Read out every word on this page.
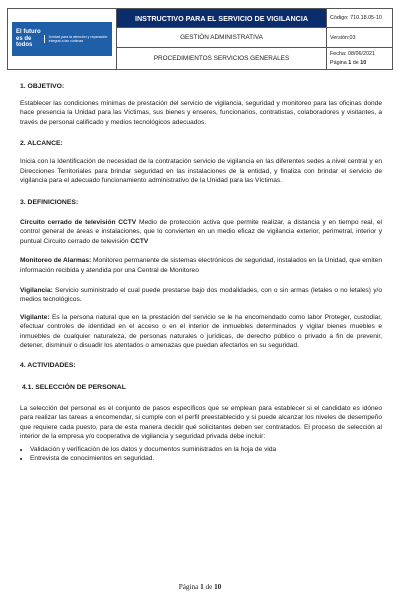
El futuro es de todos
Unidad para la atención y reparación integral a las víctimas	INSTRUCTIVO PARA EL SERVICIO DE VIGILANCIA	Código: 710.18.05-10
	GESTIÓN ADMINISTRATIVA	Versión:03
	PROCEDIMIENTOS SERVICIOS GENERALES	Fecha: 08/06/2021
Página 1 de 10

1. OBJETIVO:

Establecer las condiciones mínimas de prestación del servicio de vigilancia, seguridad y monitoreo para las oficinas donde hace presencia la Unidad para las Víctimas, sus bienes y enseres, funcionarios, contratistas, colaboradores y visitantes, a través de personal calificado y medios tecnológicos adecuados.

2. ALCANCE:

Inicia con la Identificación de necesidad de la contratación servicio de vigilancia en las diferentes sedes a nivel central y en Direcciones Territoriales para brindar seguridad en las instalaciones de la entidad, y finaliza con brindar el servicio de vigilancia para el adecuado funcionamiento administrativo de la Unidad para las Víctimas.

3. DEFINICIONES:

Circuito cerrado de televisión CCTV Medio de protección activa que permite realizar, a distancia y en tiempo real, el control general de áreas e instalaciones, que lo convierten en un medio eficaz de vigilancia exterior, perimetral, interior y puntual Circuito cerrado de televisión CCTV

Monitoreo de Alarmas: Monitoreo permanente de sistemas electrónicos de seguridad, instalados en la Unidad, que emiten información recibida y atendida por una Central de Monitoreo

Vigilancia: Servicio suministrado el cual puede prestarse bajo dos modalidades, con o sin armas (letales o no letales) y/o medios tecnológicos.

Vigilante: Es la persona natural que en la prestación del servicio se le ha encomendado como labor Proteger, custodiar, efectuar controles de identidad en el acceso o en el interior de inmuebles determinados y vigilar bienes muebles e inmuebles de cualquier naturaleza, de personas naturales o jurídicas, de derecho público o privado a fin de prevenir, detener, disminuir o disuadir los atentados o amenazas que puedan afectarlos en su seguridad.

4. ACTIVIDADES:

4.1. SELECCIÓN DE PERSONAL

La selección del personal es el conjunto de pasos específicos que se emplean para establecer si el candidato es idóneo para realizar las tareas a encomendar, si cumple con el perfil preestablecido y si puede alcanzar los niveles de desempeño que requiere cada puesto, para de esta manera decidir qué solicitantes deben ser contratados. El proceso de selección al interior de la empresa y/o cooperativa de vigilancia y seguridad privada debe incluir:

• Validación y verificación de los datos y documentos suministrados en la hoja de vida
• Entrevista de conocimientos en seguridad.
Página 1 de 10
